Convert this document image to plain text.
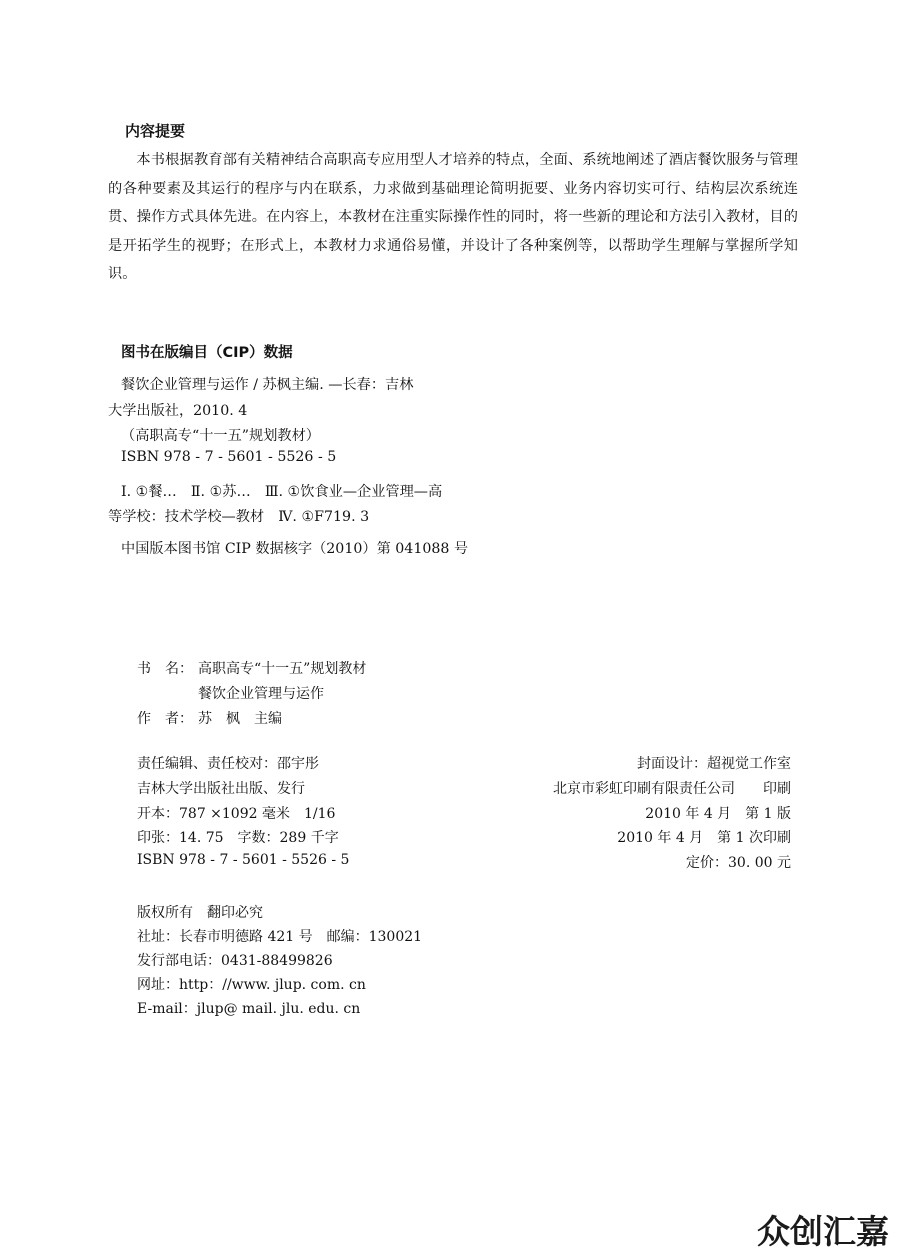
内容提要

本书根据教育部有关精神结合高职高专应用型人才培养的特点，全面、系统地阐述了酒店餐饮服务与管理的各种要素及其运行的程序与内在联系，力求做到基础理论简明扼要、业务内容切实可行、结构层次系统连贯、操作方式具体先进。在内容上，本教材在注重实际操作性的同时，将一些新的理论和方法引入教材，目的是开拓学生的视野；在形式上，本教材力求通俗易懂，并设计了各种案例等，以帮助学生理解与掌握所学知识。

图书在版编目（CIP）数据
餐饮企业管理与运作 / 苏枫主编. —长春：吉林
大学出版社，2010. 4
（高职高专“十一五”规划教材）
ISBN 978 - 7 - 5601 - 5526 - 5
Ⅰ. ①餐…　Ⅱ. ①苏…　Ⅲ. ①饮食业—企业管理—高
等学校：技术学校—教材　Ⅳ. ①F719. 3
中国版本图书馆 CIP 数据核字（2010）第 041088 号
书　名： 高职高专“十一五”规划教材
餐饮企业管理与运作
作　者： 苏　枫　主编
责任编辑、责任校对：邵宇彤
吉林大学出版社出版、发行
开本：787 ×1092 毫米　1/16
印张：14. 75　字数：289 千字
ISBN 978 - 7 - 5601 - 5526 - 5
封面设计：超视觉工作室
北京市彩虹印刷有限责任公司　　印刷
2010 年 4 月　第 1 版
2010 年 4 月　第 1 次印刷
定价：30. 00 元
版权所有　翻印必究
社址：长春市明德路 421 号　邮编：130021
发行部电话：0431-88499826
网址：http：//www. jlup. com. cn
E-mail：jlup@ mail. jlu. edu. cn
众创汇嘉
